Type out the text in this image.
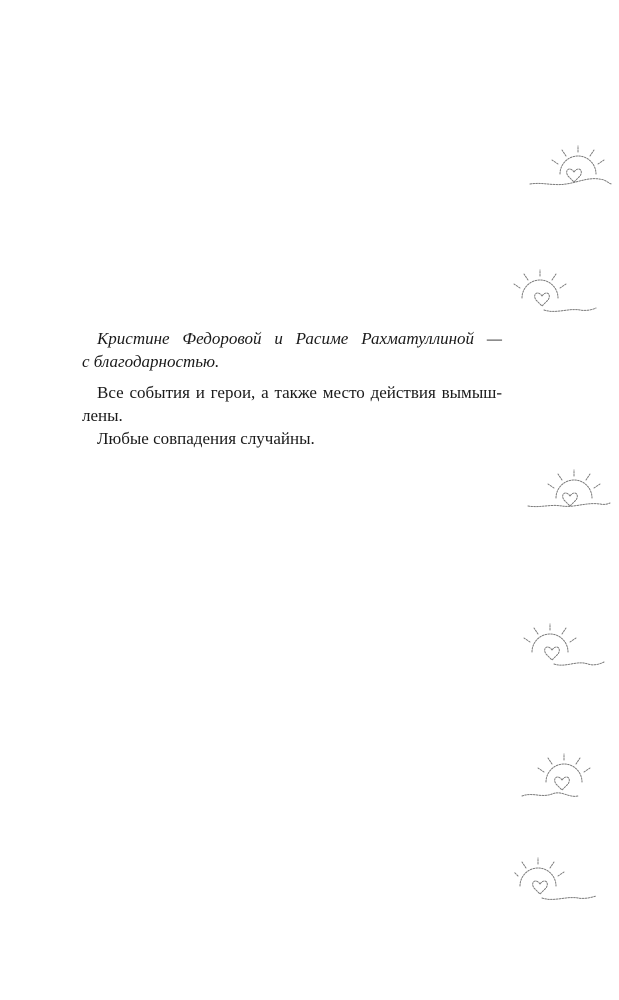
Кристине Федоровой и Расиме Рахматуллиной —
с благодарностью.
Все события и герои, а также место действия вымыш-
лены.
Любые совпадения случайны.
